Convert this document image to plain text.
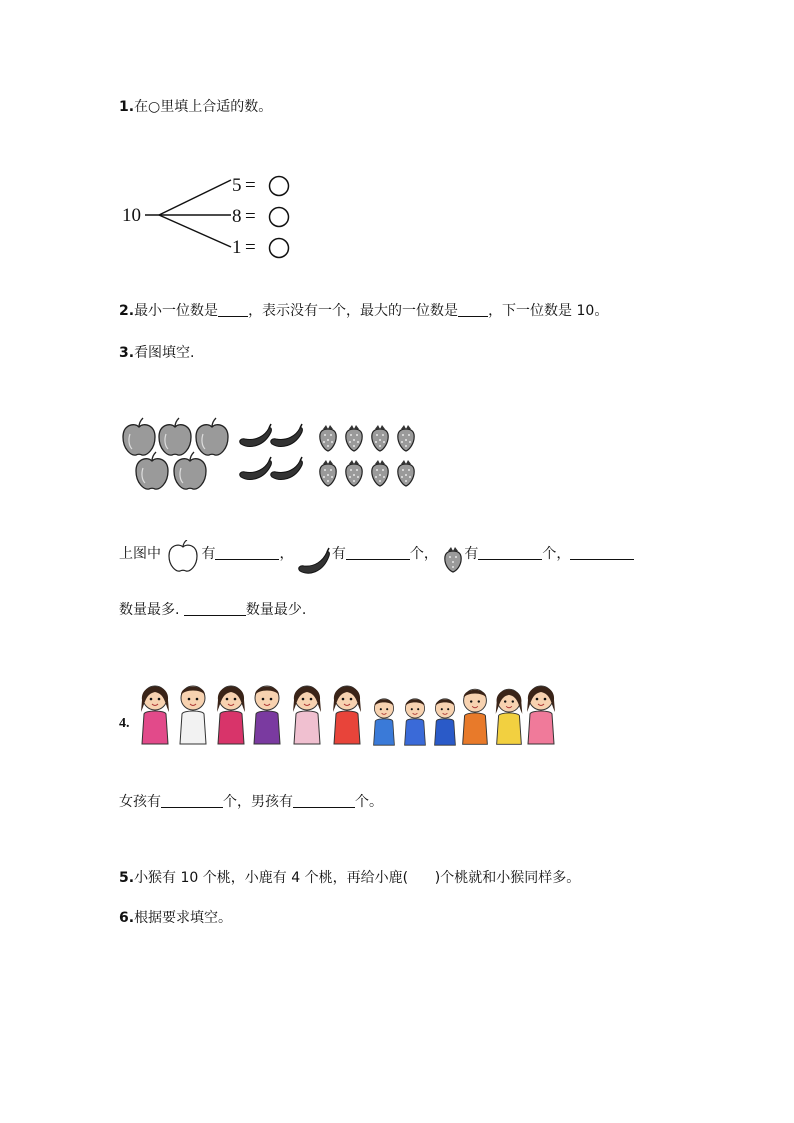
1.在○里填上合适的数。
10
5 =
8 =
1 =
2.最小一位数是 ，表示没有一个，最大的一位数是 ，下一位数是 10。
3.看图填空.
上图中	有	，	有	个， 有	个，
数量最多.	数量最少.
4.
女孩有	个，男孩有	个。
5.小猴有 10 个桃，小鹿有 4 个桃，再给小鹿(      )个桃就和小猴同样多。
6.根据要求填空。
